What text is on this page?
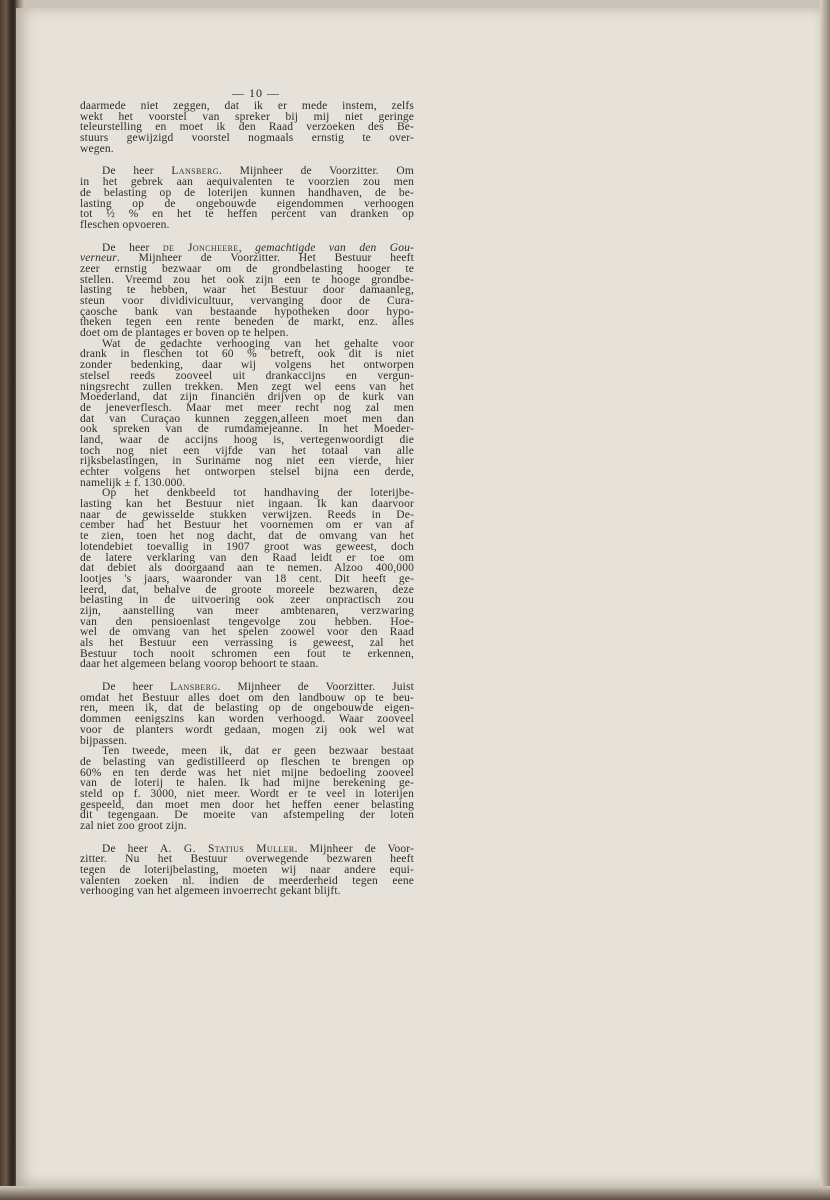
— 10 —
daarmede niet zeggen, dat ik er mede instem, zelfs
wekt het voorstel van spreker bij mij niet geringe
teleurstelling en moet ik den Raad verzoeken des Be-
stuurs gewijzigd voorstel nogmaals ernstig te over-
wegen.
De heer Lansberg. Mijnheer de Voorzitter. Om
in het gebrek aan aequivalenten te voorzien zou men
de belasting op de loterijen kunnen handhaven, de be-
lasting op de ongebouwde eigendommen verhoogen
tot ½ % en het te heffen percent van dranken op
fleschen opvoeren.
De heer de Joncheere, gemachtigde van den Gou-
verneur. Mijnheer de Voorzitter. Het Bestuur heeft
zeer ernstig bezwaar om de grondbelasting hooger te
stellen. Vreemd zou het ook zijn een te hooge grondbe-
lasting te hebben, waar het Bestuur door damaanleg,
steun voor dividivicultuur, vervanging door de Cura-
çaosche bank van bestaande hypotheken door hypo-
theken tegen een rente beneden de markt, enz. alles
doet om de plantages er boven op te helpen.
Wat de gedachte verhooging van het gehalte voor
drank in fleschen tot 60 % betreft, ook dit is niet
zonder bedenking, daar wij volgens het ontworpen
stelsel reeds zooveel uit drankaccijns en vergun-
ningsrecht zullen trekken. Men zegt wel eens van het
Moederland, dat zijn financiën drijven op de kurk van
de jeneverflesch. Maar met meer recht nog zal men
dat van Curaçao kunnen zeggen,alleen moet men dan
ook spreken van de rumdamejeanne. In het Moeder-
land, waar de accijns hoog is, vertegenwoordigt die
toch nog niet een vijfde van het totaal van alle
rijksbelastingen, in Suriname nog niet een vierde, hier
echter volgens het ontworpen stelsel bijna een derde,
namelijk ± f. 130.000.
Op het denkbeeld tot handhaving der loterijbe-
lasting kan het Bestuur niet ingaan. Ik kan daarvoor
naar de gewisselde stukken verwijzen. Reeds in De-
cember had het Bestuur het voornemen om er van af
te zien, toen het nog dacht, dat de omvang van het
lotendebiet toevallig in 1907 groot was geweest, doch
de latere verklaring van den Raad leidt er toe om
dat debiet als doorgaand aan te nemen. Alzoo 400,000
lootjes 's jaars, waaronder van 18 cent. Dit heeft ge-
leerd, dat, behalve de groote moreele bezwaren, deze
belasting in de uitvoering ook zeer onpractisch zou
zijn, aanstelling van meer ambtenaren, verzwaring
van den pensioenlast tengevolge zou hebben. Hoe-
wel de omvang van het spelen zoowel voor den Raad
als het Bestuur een verrassing is geweest, zal het
Bestuur toch nooit schromen een fout te erkennen,
daar het algemeen belang voorop behoort te staan.
De heer Lansberg. Mijnheer de Voorzitter. Juist
omdat het Bestuur alles doet om den landbouw op te beu-
ren, meen ik, dat de belasting op de ongebouwde eigen-
dommen eenigszins kan worden verhoogd. Waar zooveel
voor de planters wordt gedaan, mogen zij ook wel wat
bijpassen.
Ten tweede, meen ik, dat er geen bezwaar bestaat
de belasting van gedistilleerd op fleschen te brengen op
60% en ten derde was het niet mijne bedoeling zooveel
van de loterij te halen. Ik had mijne berekening ge-
steld op f. 3000, niet meer. Wordt er te veel in loterijen
gespeeld, dan moet men door het heffen eener belasting
dit tegengaan. De moeite van afstempeling der loten
zal niet zoo groot zijn.
De heer A. G. Statius Muller. Mijnheer de Voor-
zitter. Nu het Bestuur overwegende bezwaren heeft
tegen de loterijbelasting, moeten wij naar andere equi-
valenten zoeken nl. indien de meerderheid tegen eene
verhooging van het algemeen invoerrecht gekant blijft.
